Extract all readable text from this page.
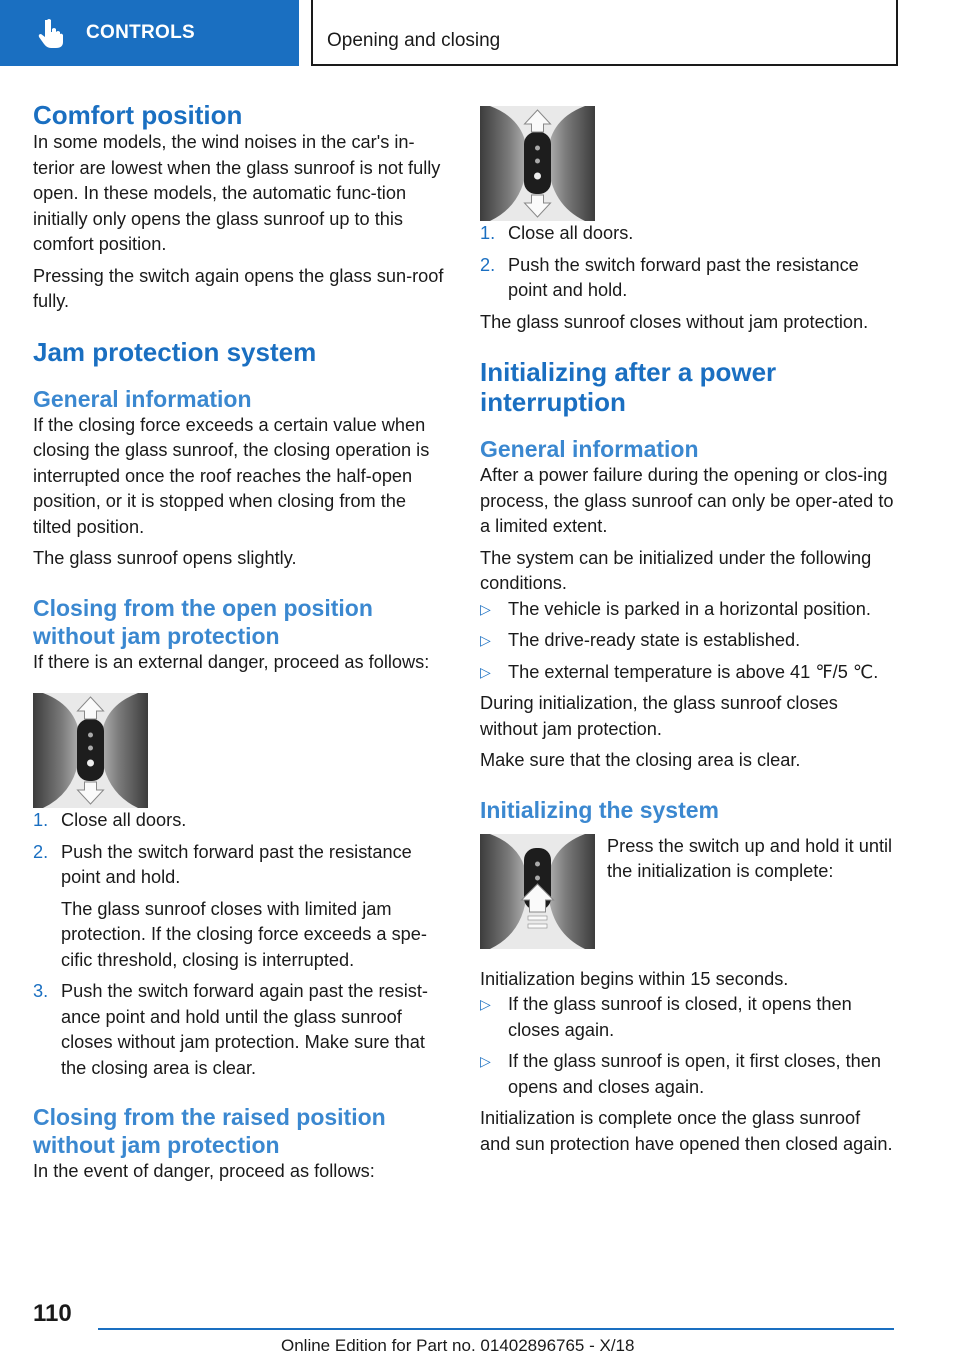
CONTROLS	Opening and closing
Comfort position

In some models, the wind noises in the car's in-terior are lowest when the glass sunroof is not fully open. In these models, the automatic func-tion initially only opens the glass sunroof up to this comfort position.

Pressing the switch again opens the glass sun-roof fully.

Jam protection system
General information

If the closing force exceeds a certain value when closing the glass sunroof, the closing operation is interrupted once the roof reaches the half-open position, or it is stopped when closing from the tilted position.

The glass sunroof opens slightly.

Closing from the open position without jam protection

If there is an external danger, proceed as follows:

1. Close all doors.
2. Push the switch forward past the resistance point and hold.

The glass sunroof closes with limited jam protection. If the closing force exceeds a spe-cific threshold, closing is interrupted.

3. Push the switch forward again past the resist-ance point and hold until the glass sunroof closes without jam protection. Make sure that the closing area is clear.
Closing from the raised position without jam protection

In the event of danger, proceed as follows:

1. Close all doors.
2. Push the switch forward past the resistance point and hold.

The glass sunroof closes without jam protection.

Initializing after a power interruption
General information

After a power failure during the opening or clos-ing process, the glass sunroof can only be oper-ated to a limited extent.

The system can be initialized under the following conditions.

▷ The vehicle is parked in a horizontal position.
▷ The drive-ready state is established.
▷ The external temperature is above 41 ℉/5 ℃.

During initialization, the glass sunroof closes without jam protection.

Make sure that the closing area is clear.

Initializing the system

Press the switch up and hold it until the initialization is complete:

Initialization begins within 15 seconds.

▷ If the glass sunroof is closed, it opens then closes again.
▷ If the glass sunroof is open, it first closes, then opens and closes again.

Initialization is complete once the glass sunroof and sun protection have opened then closed again.

110
Online Edition for Part no. 01402896765 - X/18
